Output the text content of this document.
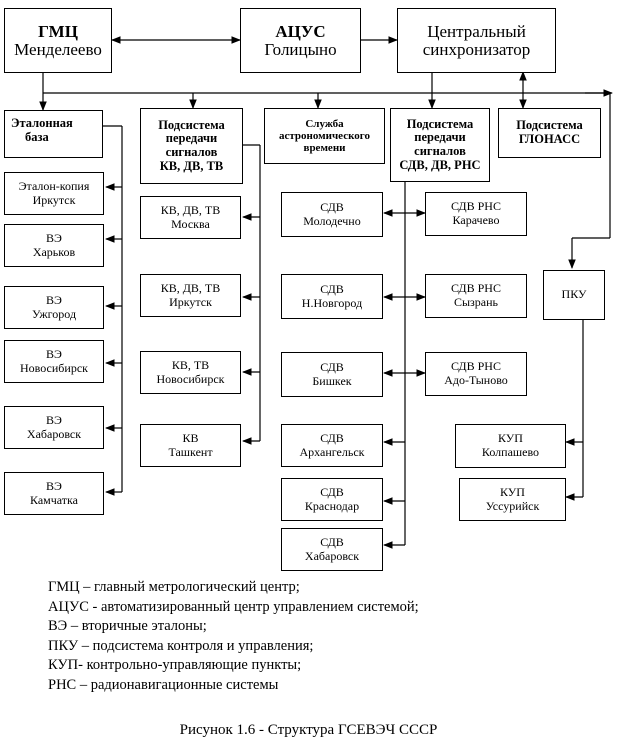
ГМЦ
Менделеево
АЦУС
Голицыно
Центральный
синхронизатор
Эталонная
база
Подсистема
передачи
сигналов
КВ, ДВ, ТВ
Служба
астрономического
времени
Подсистема
передачи
сигналов
СДВ, ДВ, РНС
Подсистема
ГЛОНАСС
Эталон-копия
Иркутск
ВЭ
Харьков
ВЭ
Ужгород
ВЭ
Новосибирск
ВЭ
Хабаровск
ВЭ
Камчатка
КВ, ДВ, ТВ
Москва
КВ, ДВ, ТВ
Иркутск
КВ, ТВ
Новосибирск
КВ
Ташкент
СДВ
Молодечно
СДВ
Н.Новгород
СДВ
Бишкек
СДВ
Архангельск
СДВ
Краснодар
СДВ
Хабаровск
СДВ РНС
Карачево
СДВ РНС
Сызрань
СДВ РНС
Адо-Тыново
ПКУ
КУП
Колпашево
КУП
Уссурийск
ГМЦ – главный метрологический центр;
АЦУС - автоматизированный центр управлением системой;
ВЭ – вторичные эталоны;
ПКУ – подсистема контроля и управления;
КУП- контрольно-управляющие пункты;
РНС – радионавигационные системы
Рисунок 1.6 - Структура ГСЕВЭЧ СССР
